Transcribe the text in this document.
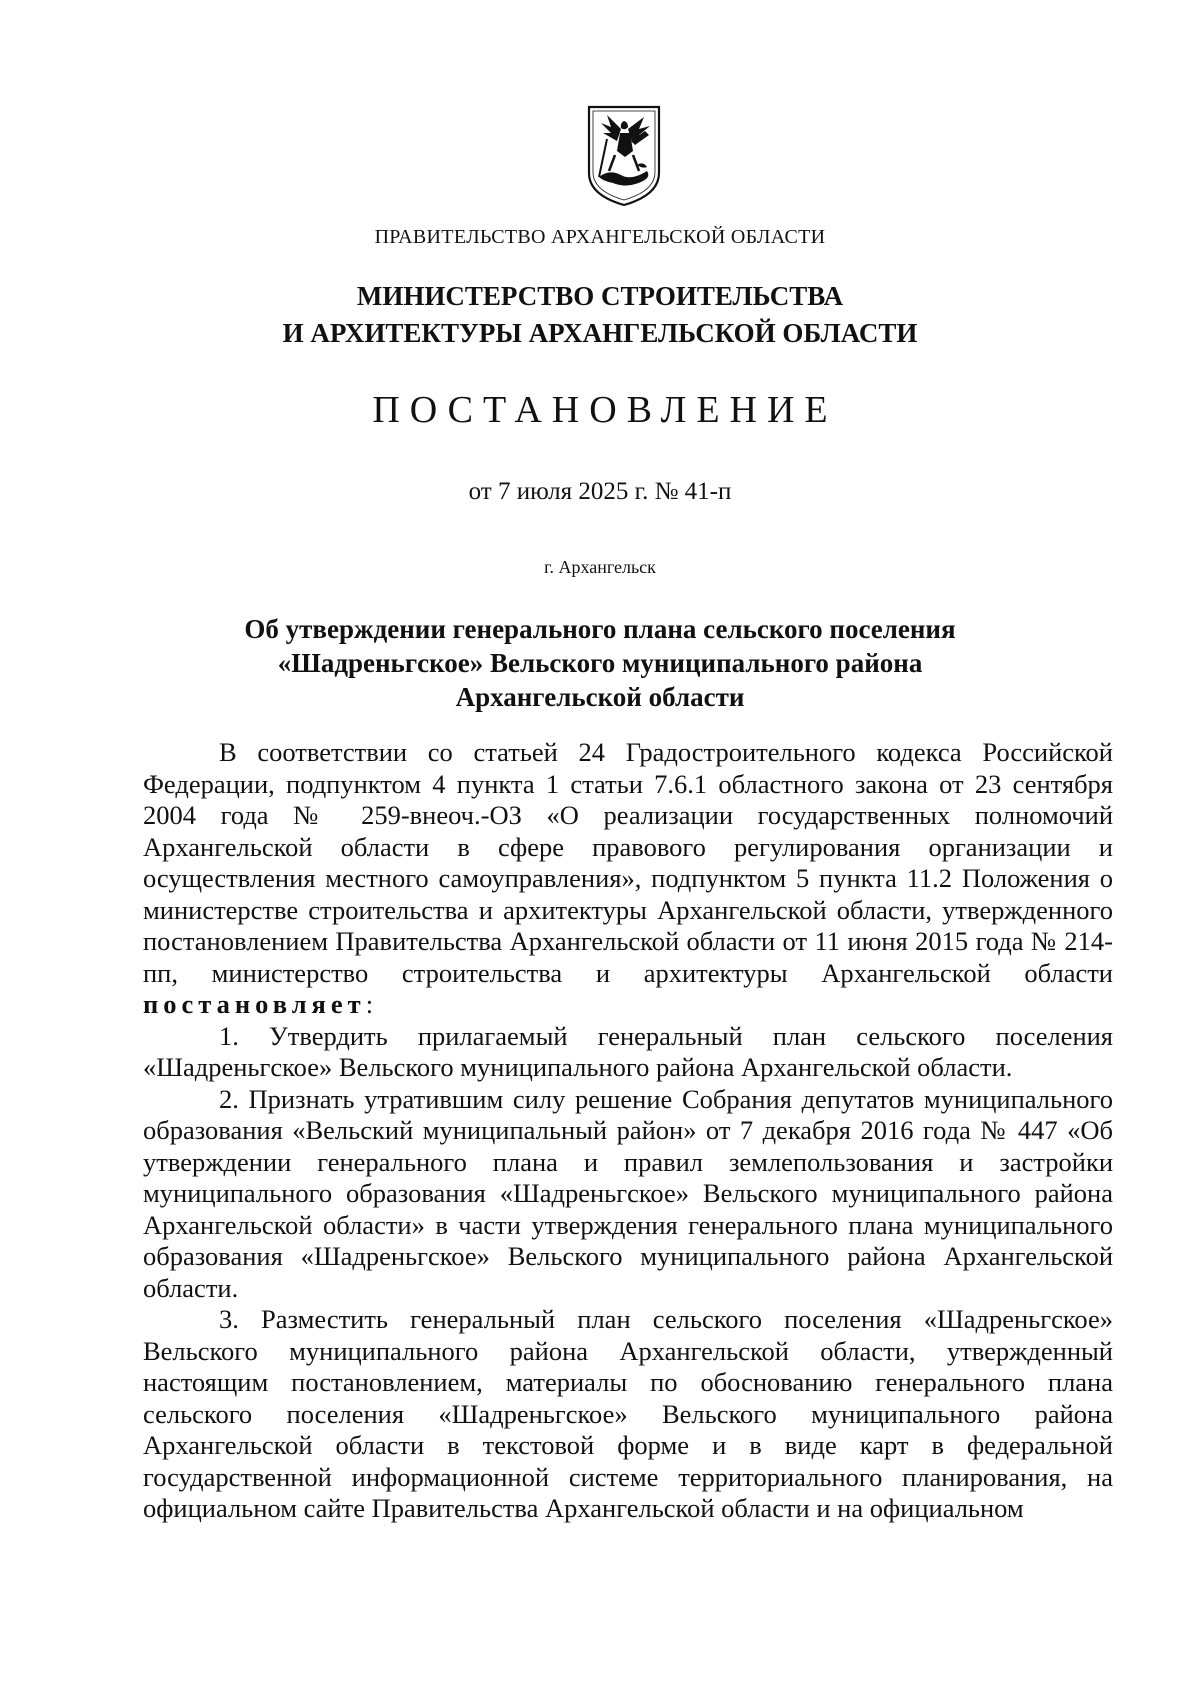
ПРАВИТЕЛЬСТВО АРХАНГЕЛЬСКОЙ ОБЛАСТИ
МИНИСТЕРСТВО СТРОИТЕЛЬСТВА
И АРХИТЕКТУРЫ АРХАНГЕЛЬСКОЙ ОБЛАСТИ
ПОСТАНОВЛЕНИЕ
от 7 июля 2025 г. № 41-п
г. Архангельск
Об утверждении генерального плана сельского поселения
«Шадреньгское» Вельского муниципального района
Архангельской области

В соответствии со статьей 24 Градостроительного кодекса Российской Федерации, подпунктом 4 пункта 1 статьи 7.6.1 областного закона от 23 сентября 2004 года № 259-внеоч.-ОЗ «О реализации государственных полномочий Архангельской области в сфере правового регулирования организации и осуществления местного самоуправления», подпунктом 5 пункта 11.2 Положения о министерстве строительства и архитектуры Архангельской области, утвержденного постановлением Правительства Архангельской области от 11 июня 2015 года № 214-пп, министерство строительства и архитектуры Архангельской области постановляет:

1. Утвердить прилагаемый генеральный план сельского поселения «Шадреньгское» Вельского муниципального района Архангельской области.

2. Признать утратившим силу решение Собрания депутатов муниципального образования «Вельский муниципальный район» от 7 декабря 2016 года № 447 «Об утверждении генерального плана и правил землепользования и застройки муниципального образования «Шадреньгское» Вельского муниципального района Архангельской области» в части утверждения генерального плана муниципального образования «Шадреньгское» Вельского муниципального района Архангельской области.

3. Разместить генеральный план сельского поселения «Шадреньгское» Вельского муниципального района Архангельской области, утвержденный настоящим постановлением, материалы по обоснованию генерального плана сельского поселения «Шадреньгское» Вельского муниципального района Архангельской области в текстовой форме и в виде карт в федеральной государственной информационной системе территориального планирования, на официальном сайте Правительства Архангельской области и на официальном
